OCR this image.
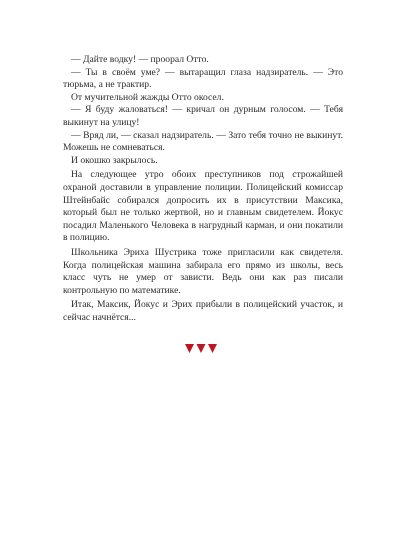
— Дайте водку! — проорал Отто.

— Ты в своём уме? — вытаращил глаза надзиратель. — Это тюрьма, а не трактир.

От мучительной жажды Отто окосел.

— Я буду жаловаться! — кричал он дурным голосом. — Тебя выкинут на улицу!

— Вряд ли, — сказал надзиратель. — Зато тебя точно не выкинут. Можешь не сомневаться.

И окошко закрылось.

На следующее утро обоих преступников под строжайшей охраной доставили в управление полиции. Полицейский комиссар Штейнбайс собирался допросить их в присутствии Максика, который был не только жертвой, но и главным свидетелем. Йокус посадил Маленького Человека в нагрудный карман, и они покатили в полицию.

Школьника Эриха Шустрика тоже пригласили как свидетеля. Когда полицейская машина забирала его прямо из школы, весь класс чуть не умер от зависти. Ведь они как раз писали контрольную по математике.

Итак, Максик, Йокус и Эрих прибыли в полицейский участок, и сейчас начнётся...
